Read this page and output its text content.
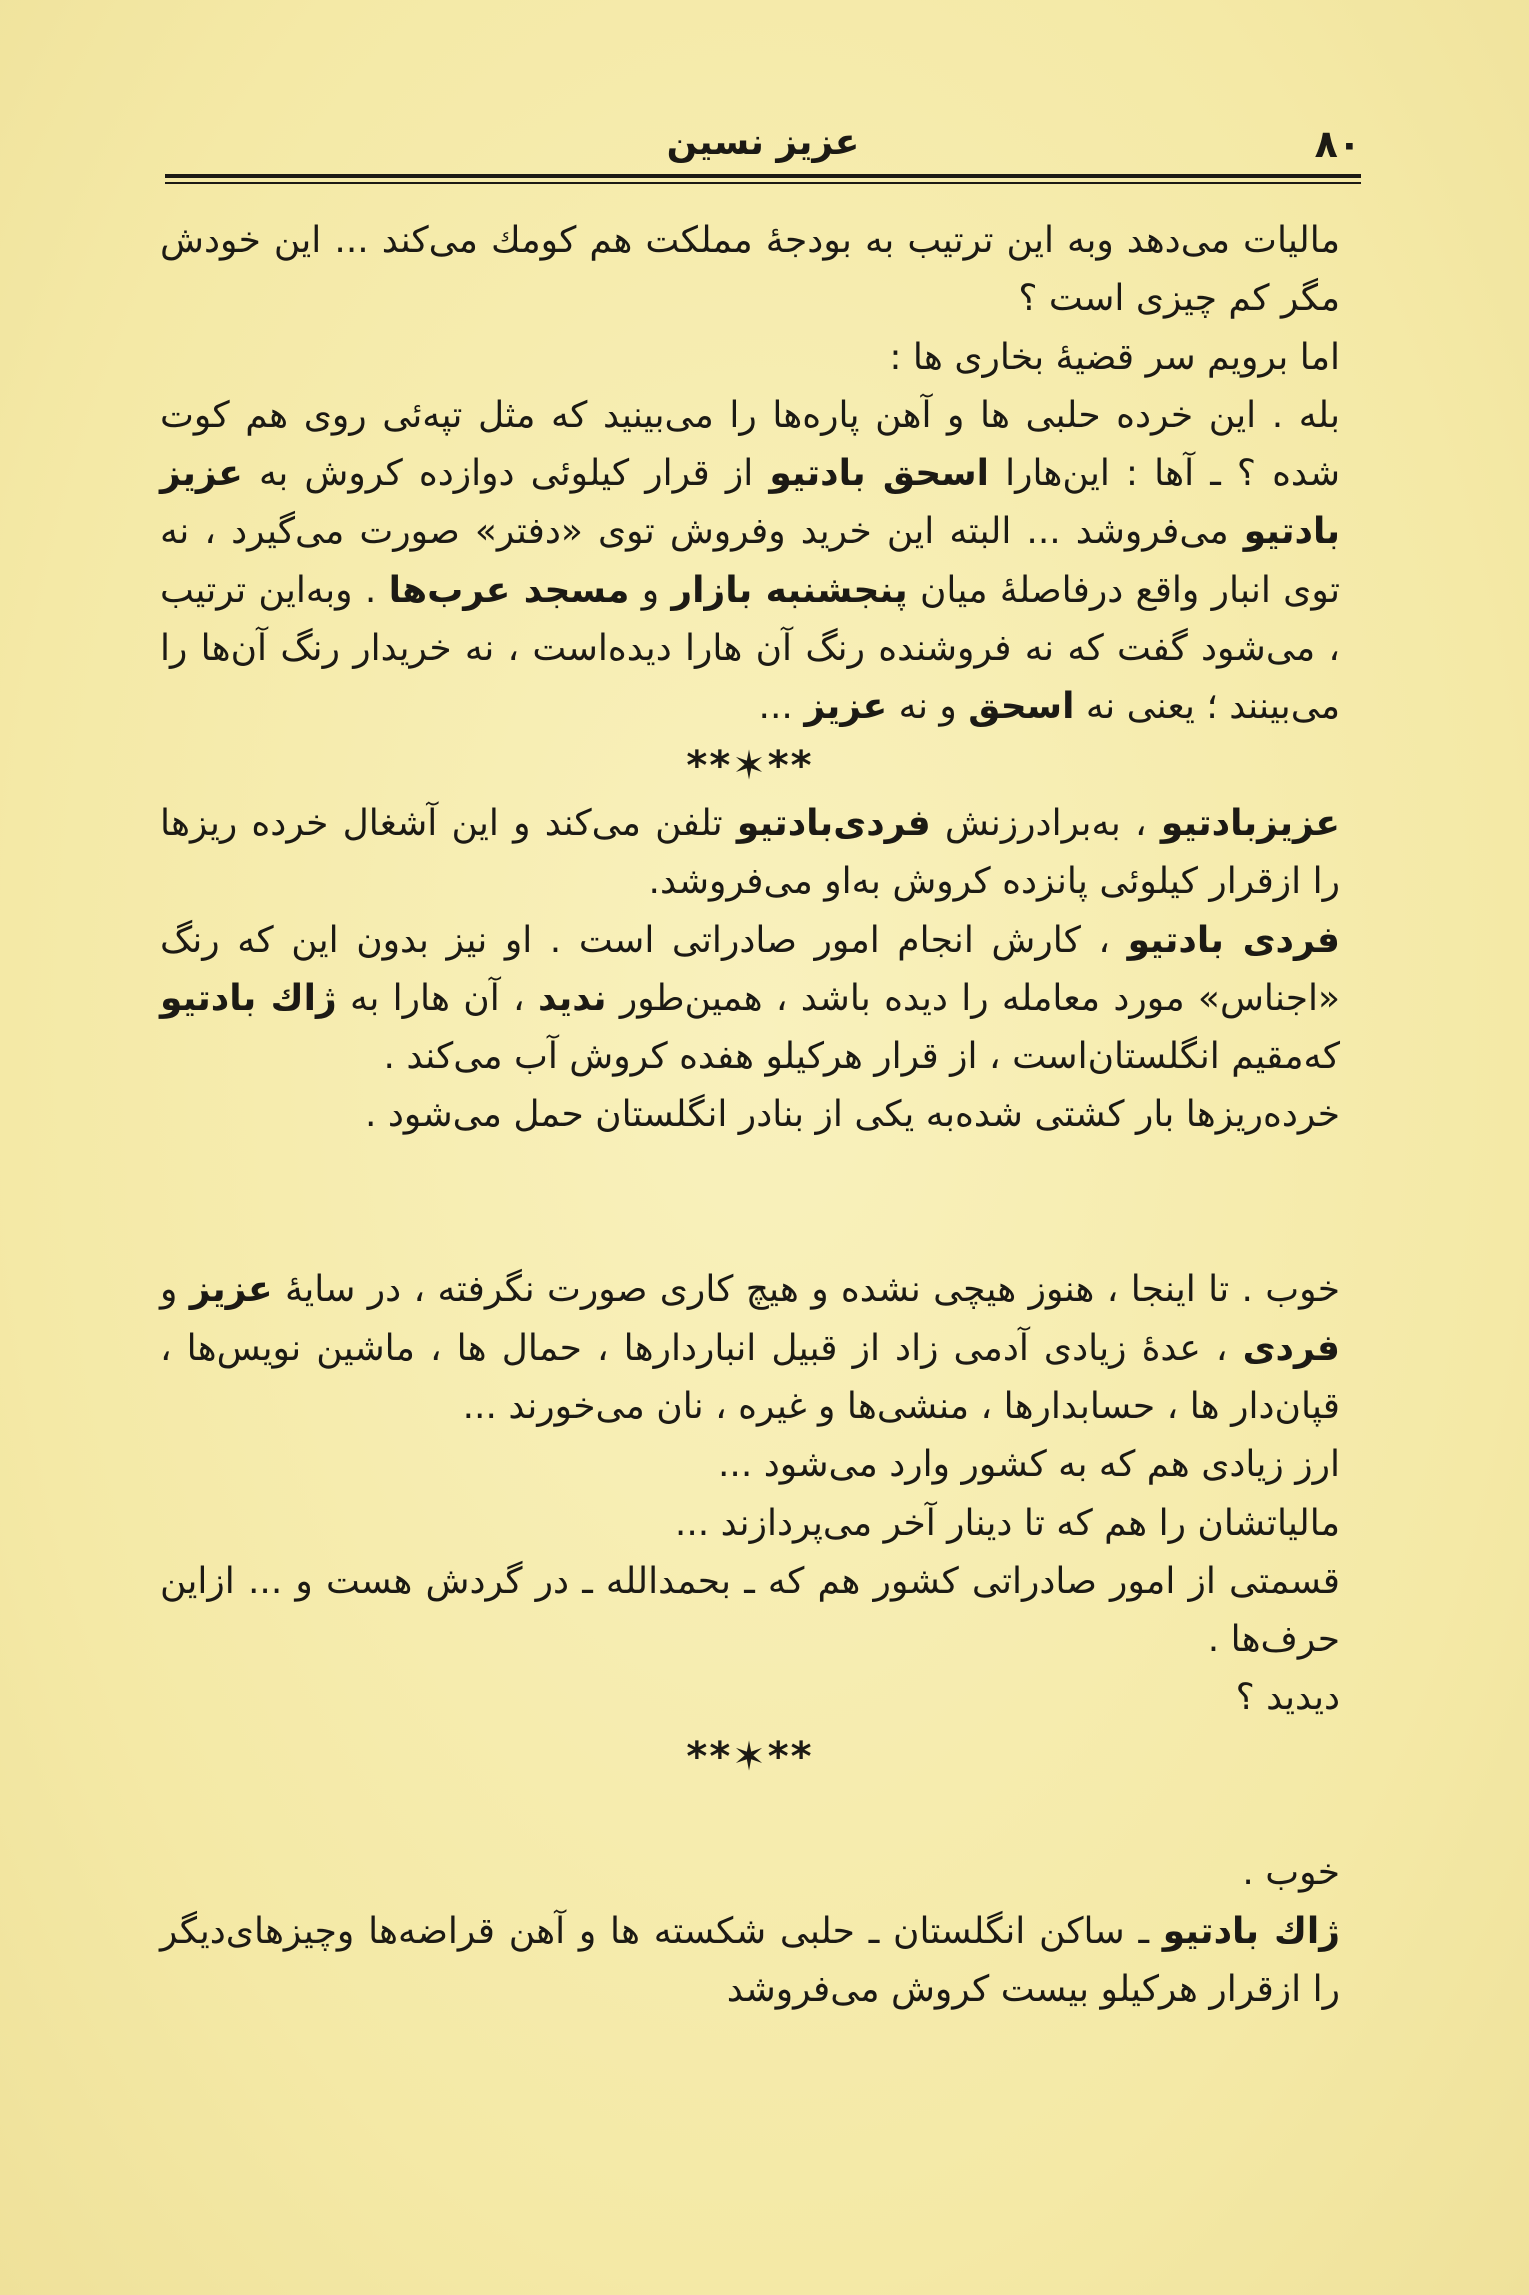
۸۰
عزیز نسین

مالیات می‌دهد وبه این ترتیب به بودجهٔ مملکت هم کومك می‌کند ... این خودش مگر کم چیزی است ؟

اما برویم سر قضیهٔ بخاری ها :

بله . این خرده حلبی ها و آهن پاره‌ها را می‌بینید که مثل تپه‌ئی روی هم کوت شده ؟ ـ آها : این‌هارا اسحق بادتیو از قرار کیلوئی دوازده کروش به عزیز بادتیو می‌فروشد ... البته این خرید وفروش توی «دفتر» صورت می‌گیرد ، نه توی انبار واقع درفاصلهٔ میان پنجشنبه بازار و مسجد عرب‌ها . وبه‌این ترتیب ، می‌شود گفت که نه فروشنده رنگ آن هارا دیده‌است ، نه خریدار رنگ آن‌ها را می‌بینند ؛ یعنی نه اسحق و نه عزیز ...

**✶**

عزیزبادتیو ، به‌برادرزنش فردی‌بادتیو تلفن می‌کند و این آشغال خرده ریزها را ازقرار کیلوئی پانزده کروش به‌او می‌فروشد.

فردی بادتیو ، کارش انجام امور صادراتی است . او نیز بدون این که رنگ «اجناس» مورد معامله را دیده باشد ، همین‌طور ندید ، آن هارا به ژاك بادتیو که‌مقیم انگلستان‌است ، از قرار هرکیلو هفده کروش آب می‌کند .

خرده‌ریزها بار کشتی شده‌به یکی از بنادر انگلستان حمل می‌شود .

خوب . تا اینجا ، هنوز هیچی نشده و هیچ کاری صورت نگرفته ، در سایهٔ عزیز و فردی ، عدهٔ زیادی آدمی زاد از قبیل انباردارها ، حمال ها ، ماشین نویس‌ها ، قپان‌دار ها ، حسابدارها ، منشی‌ها و غیره ، نان می‌خورند ...

ارز زیادی هم که به کشور وارد می‌شود ...

مالیاتشان را هم که تا دینار آخر می‌پردازند ...

قسمتی از امور صادراتی کشور هم که ـ بحمدالله ـ در گردش هست و ... ازاین حرف‌ها .

دیدید ؟

**✶**

خوب .

ژاك بادتیو ـ ساکن انگلستان ـ حلبی شکسته ها و آهن قراضه‌ها وچیزهای‌دیگر را ازقرار هرکیلو بیست کروش می‌فروشد
